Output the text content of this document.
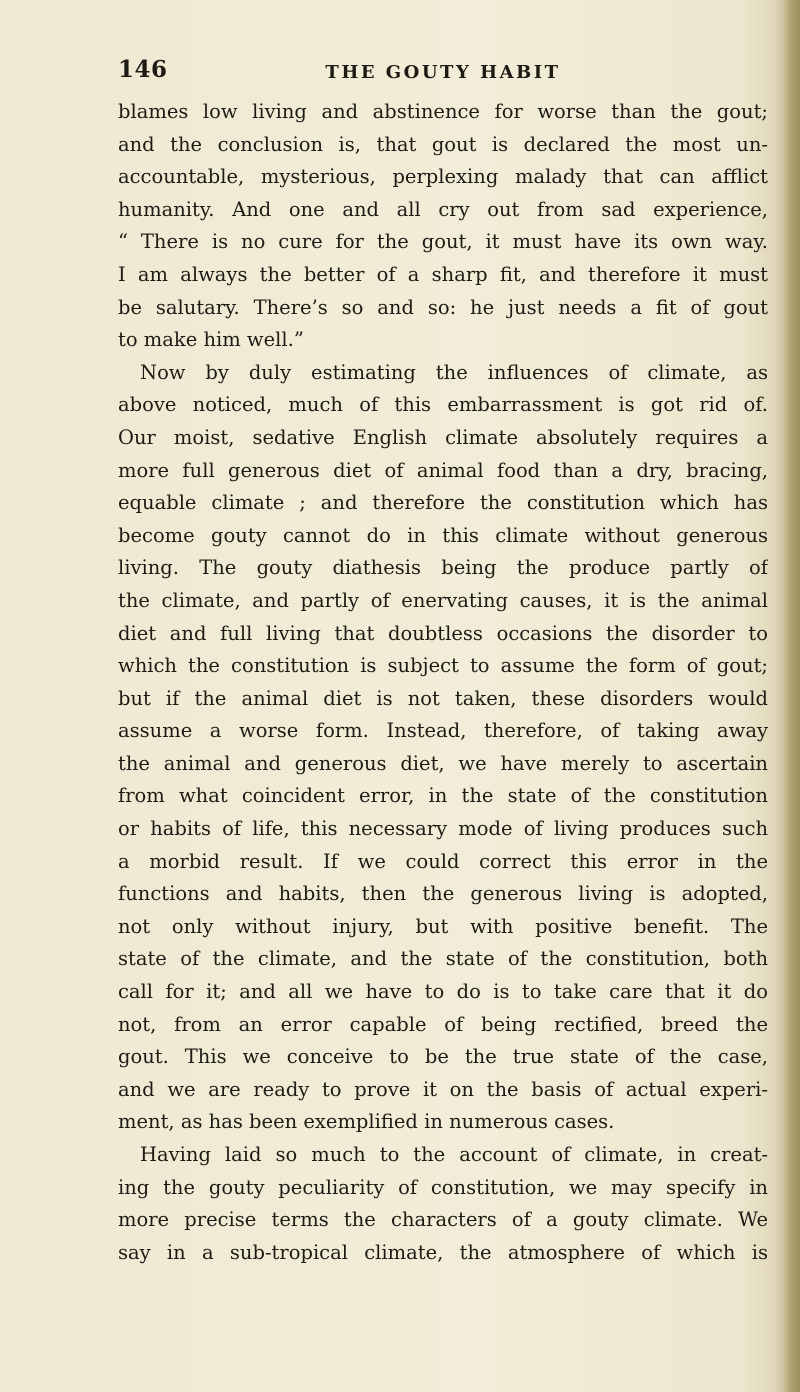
146	THE GOUTY HABIT
blames low living and abstinence for worse than the gout;
and the conclusion is, that gout is declared the most un-
accountable, mysterious, perplexing malady that can afflict
humanity. And one and all cry out from sad experience,
“ There is no cure for the gout, it must have its own way.
I am always the better of a sharp fit, and therefore it must
be salutary. There’s so and so: he just needs a fit of gout
to make him well.”
Now by duly estimating the influences of climate, as
above noticed, much of this embarrassment is got rid of.
Our moist, sedative English climate absolutely requires a
more full generous diet of animal food than a dry, bracing,
equable climate ; and therefore the constitution which has
become gouty cannot do in this climate without generous
living. The gouty diathesis being the produce partly of
the climate, and partly of enervating causes, it is the animal
diet and full living that doubtless occasions the disorder to
which the constitution is subject to assume the form of gout;
but if the animal diet is not taken, these disorders would
assume a worse form. Instead, therefore, of taking away
the animal and generous diet, we have merely to ascertain
from what coincident error, in the state of the constitution
or habits of life, this necessary mode of living produces such
a morbid result. If we could correct this error in the
functions and habits, then the generous living is adopted,
not only without injury, but with positive benefit. The
state of the climate, and the state of the constitution, both
call for it; and all we have to do is to take care that it do
not, from an error capable of being rectified, breed the
gout. This we conceive to be the true state of the case,
and we are ready to prove it on the basis of actual experi-
ment, as has been exemplified in numerous cases.
Having laid so much to the account of climate, in creat-
ing the gouty peculiarity of constitution, we may specify in
more precise terms the characters of a gouty climate. We
say in a sub-tropical climate, the atmosphere of which is
